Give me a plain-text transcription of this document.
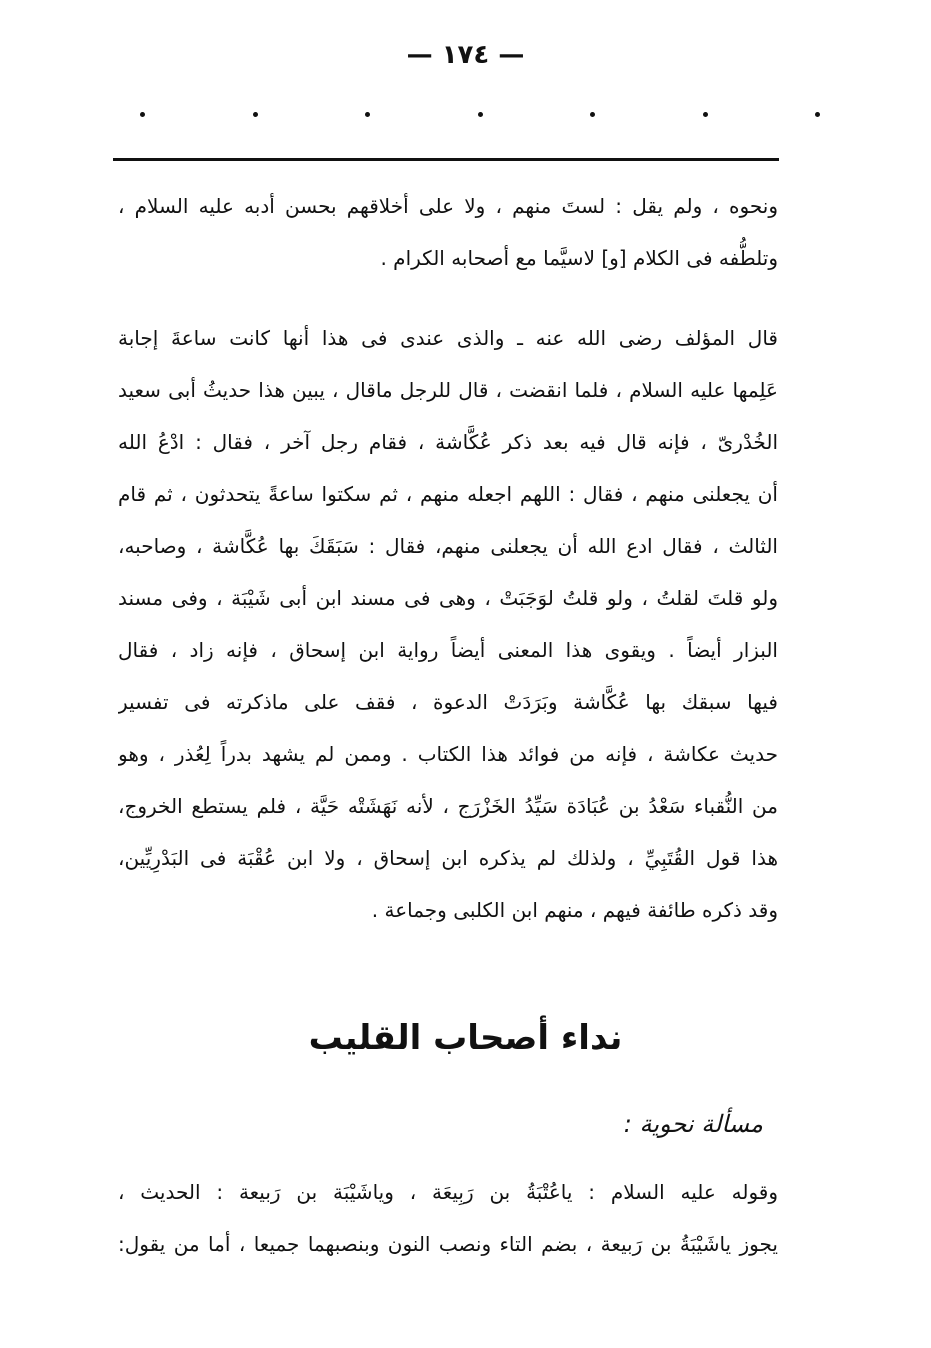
— ١٧٤ —
ونحوه ، ولم يقل : لستَ منهم ، ولا على أخلاقهم بحسن أدبه عليه السلام ،
وتلطُّفه فى الكلام [و] لاسيَّما مع أصحابه الكرام .
قال المؤلف رضى الله عنه ـ والذى عندى فى هذا أنها كانت ساعةَ إجابة
عَلِمها عليه السلام ، فلما انقضت ، قال للرجل ماقال ، يبين هذا حديثُ أبى سعيد
الخُدْرىّ ، فإنه قال فيه بعد ذكر عُكَّاشة ، فقام رجل آخر ، فقال : ادْعُ الله
أن يجعلنى منهم ، فقال : اللهم اجعله منهم ، ثم سكتوا ساعةً يتحدثون ، ثم قام
الثالث ، فقال ادع الله أن يجعلنى منهم، فقال : سَبَقَكَ بها عُكَّاشة ، وصاحبه،
ولو قلتَ لقلتُ ، ولو قلتُ لوَجَبَتْ ، وهى فى مسند ابن أبى شَيْبَة ، وفى مسند
البزار أيضاً . ويقوى هذا المعنى أيضاً رواية ابن إسحاق ، فإنه زاد ، فقال
فيها سبقك بها عُكَّاشة وبَرَدَتْ الدعوة ، فقف على ماذكرته فى تفسير
حديث عكاشة ، فإنه من فوائد هذا الكتاب . وممن لم يشهد بدراً لِعُذر ، وهو
من النُّقباء سَعْدُ بن عُبَادَة سَيِّدُ الخَزْرَج ، لأنه نَهَشَتْه حَيَّة ، فلم يستطع الخروج،
هذا قول القُتَبِيِّ ، ولذلك لم يذكره ابن إسحاق ، ولا ابن عُقْبَة فى البَدْرِيِّين،
وقد ذكره طائفة فيهم ، منهم ابن الكلبى وجماعة .
نداء أصحاب القليب
مسألة نحوية :
وقوله عليه السلام : ياعُتْبَةُ بن رَبِيعَة ، وياشَيْبَة بن رَبيعة : الحديث ،
يجوز ياشَيْبَةُ بن رَبيعة ، بضم التاء ونصب النون وبنصبهما جميعا ، أما من يقول:
